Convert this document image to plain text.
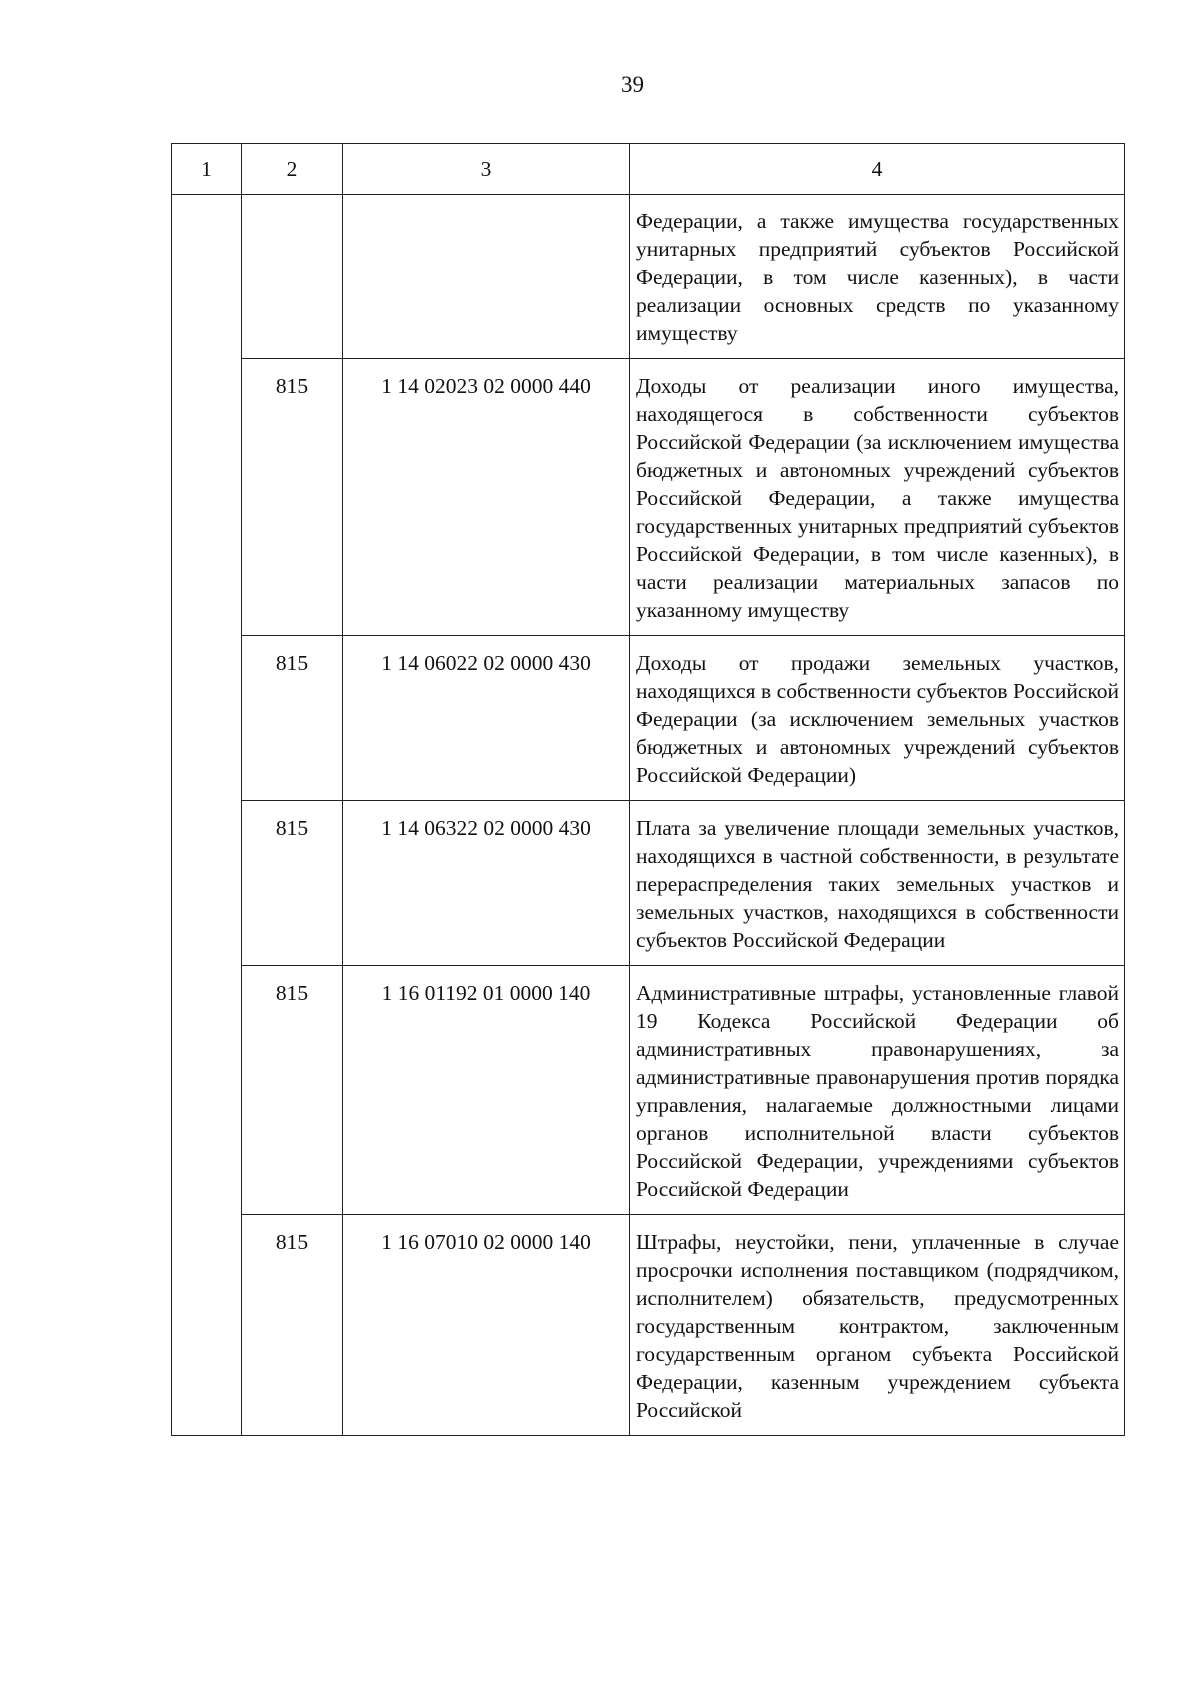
39
1	2	3	4
			Федерации, а также имущества государственных унитарных предприятий субъектов Российской Федерации, в том числе казенных), в части реализации основных средств по указанному имуществу
	815	1 14 02023 02 0000 440	Доходы от реализации иного имущества, находящегося в собственности субъектов Российской Федерации (за исключением имущества бюджетных и автономных учреждений субъектов Российской Федерации, а также имущества государственных унитарных предприятий субъектов Российской Федерации, в том числе казенных), в части реализации материальных запасов по указанному имуществу
	815	1 14 06022 02 0000 430	Доходы от продажи земельных участков, находящихся в собственности субъектов Российской Федерации (за исключением земельных участков бюджетных и автономных учреждений субъектов Российской Федерации)
	815	1 14 06322 02 0000 430	Плата за увеличение площади земельных участков, находящихся в частной собственности, в результате перераспределения таких земельных участков и земельных участков, находящихся в собственности субъектов Российской Федерации
	815	1 16 01192 01 0000 140	Административные штрафы, установленные главой 19 Кодекса Российской Федерации об административных правонарушениях, за административные правонарушения против порядка управления, налагаемые должностными лицами органов исполнительной власти субъектов Российской Федерации, учреждениями субъектов Российской Федерации
	815	1 16 07010 02 0000 140	Штрафы, неустойки, пени, уплаченные в случае просрочки исполнения поставщиком (подрядчиком, исполнителем) обязательств, предусмотренных государственным контрактом, заключенным государственным органом субъекта Российской Федерации, казенным учреждением субъекта Российской
